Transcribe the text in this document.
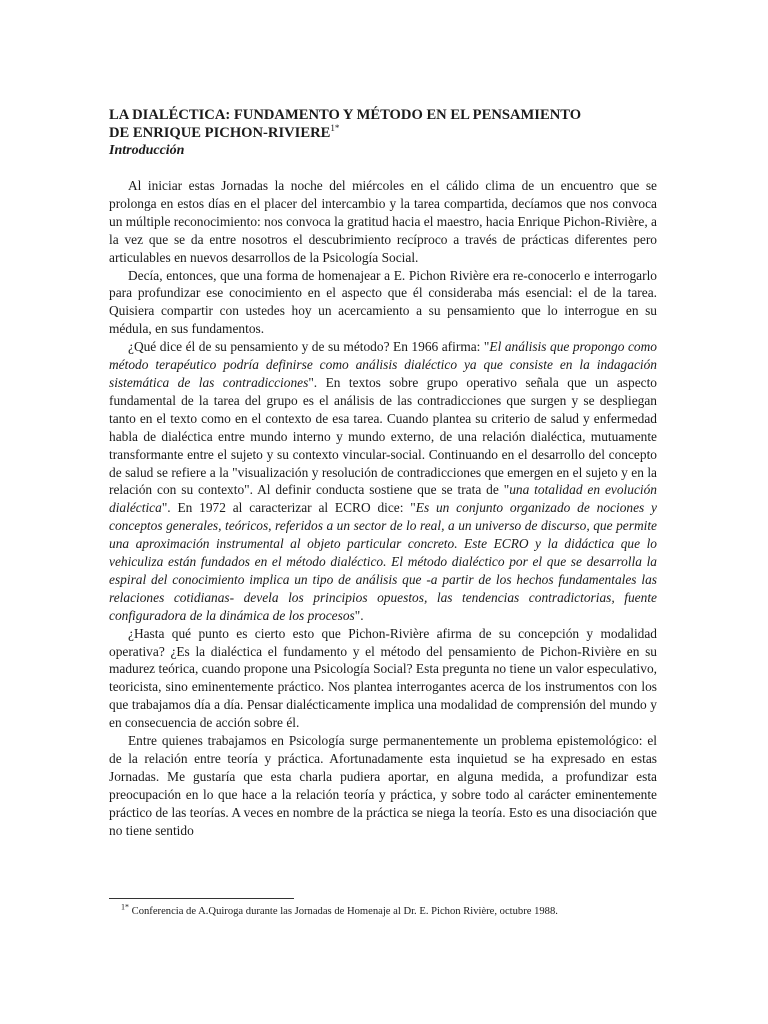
LA DIALÉCTICA: FUNDAMENTO Y MÉTODO EN EL PENSAMIENTO
DE ENRIQUE PICHON-$RIVIERE^{1*}$
Introducción

Al iniciar estas Jornadas la noche del miércoles en el cálido clima de un encuentro que se prolonga en estos días en el placer del intercambio y la tarea compartida, decíamos que nos convoca un múltiple reconocimiento: nos convoca la gratitud hacia el maestro, hacia Enrique Pichon-Rivière, a la vez que se da entre nosotros el descubrimiento recíproco a través de prácticas diferentes pero articulables en nuevos desarrollos de la Psicología Social.

Decía, entonces, que una forma de homenajear a E. Pichon Rivière era re-conocerlo e interrogarlo para profundizar ese conocimiento en el aspecto que él consideraba más esencial: el de la tarea. Quisiera compartir con ustedes hoy un acercamiento a su pensamiento que lo interrogue en su médula, en sus fundamentos.

¿Qué dice él de su pensamiento y de su método? En 1966 afirma: "El análisis que propongo como método terapéutico podría definirse como análisis dialéctico ya que consiste en la indagación sistemática de las contradicciones". En textos sobre grupo operativo señala que un aspecto fundamental de la tarea del grupo es el análisis de las contradicciones que surgen y se despliegan tanto en el texto como en el contexto de esa tarea. Cuando plantea su criterio de salud y enfermedad habla de dialéctica entre mundo interno y mundo externo, de una relación dialéctica, mutuamente transformante entre el sujeto y su contexto vincular-social. Continuando en el desarrollo del concepto de salud se refiere a la "visualización y resolución de contradicciones que emergen en el sujeto y en la relación con su contexto". Al definir conducta sostiene que se trata de "una totalidad en evolución dialéctica". En 1972 al caracterizar al ECRO dice: "Es un conjunto organizado de nociones y conceptos generales, teóricos, referidos a un sector de lo real, a un universo de discurso, que permite una aproximación instrumental al objeto particular concreto. Este ECRO y la didáctica que lo vehiculiza están fundados en el método dialéctico. El método dialéctico por el que se desarrolla la espiral del conocimiento implica un tipo de análisis que -a partir de los hechos fundamentales las relaciones cotidianas- devela los principios opuestos, las tendencias contradictorias, fuente configuradora de la dinámica de los procesos".

¿Hasta qué punto es cierto esto que Pichon-Rivière afirma de su concepción y modalidad operativa? ¿Es la dialéctica el fundamento y el método del pensamiento de Pichon-Rivière en su madurez teórica, cuando propone una Psicología Social? Esta pregunta no tiene un valor especulativo, teoricista, sino eminentemente práctico. Nos plantea interrogantes acerca de los instrumentos con los que trabajamos día a día. Pensar dialécticamente implica una modalidad de comprensión del mundo y en consecuencia de acción sobre él.

Entre quienes trabajamos en Psicología surge permanentemente un problema epistemológico: el de la relación entre teoría y práctica. Afortunadamente esta inquietud se ha expresado en estas Jornadas. Me gustaría que esta charla pudiera aportar, en alguna medida, a profundizar esta preocupación en lo que hace a la relación teoría y práctica, y sobre todo al carácter eminentemente práctico de las teorías. A veces en nombre de la práctica se niega la teoría. Esto es una disociación que no tiene sentido

$^{1*}$ Conferencia de A.Quiroga durante las Jornadas de Homenaje al Dr. E. Pichon Rivière, octubre 1988.
